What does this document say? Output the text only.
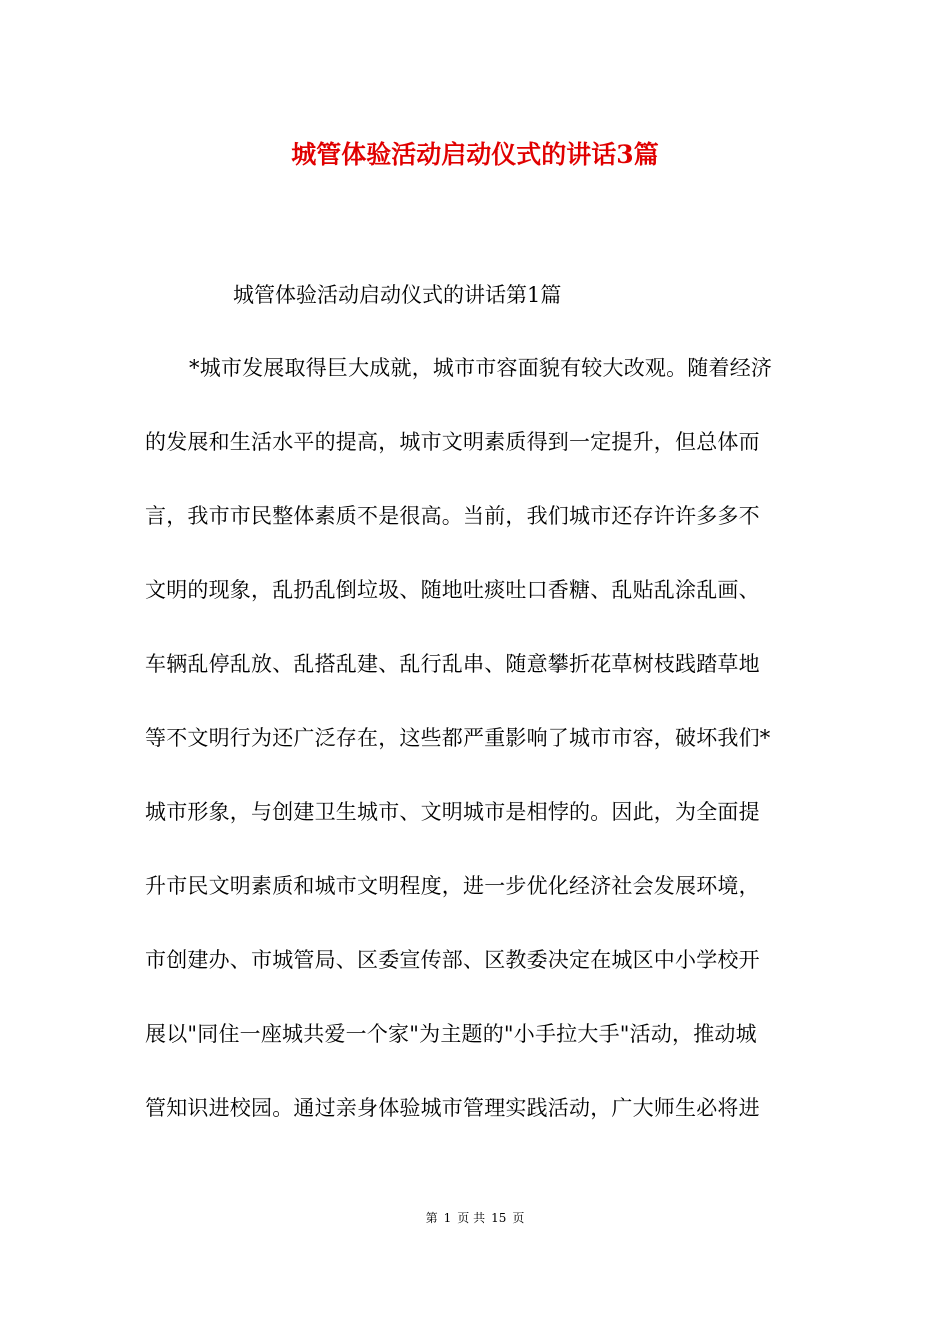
城管体验活动启动仪式的讲话3篇
城管体验活动启动仪式的讲话第1篇
*城市发展取得巨大成就，城市市容面貌有较大改观。随着经济
的发展和生活水平的提高，城市文明素质得到一定提升，但总体而
言，我市市民整体素质不是很高。当前，我们城市还存许许多多不
文明的现象，乱扔乱倒垃圾、随地吐痰吐口香糖、乱贴乱涂乱画、
车辆乱停乱放、乱搭乱建、乱行乱串、随意攀折花草树枝践踏草地
等不文明行为还广泛存在，这些都严重影响了城市市容，破坏我们*
城市形象，与创建卫生城市、文明城市是相悖的。因此，为全面提
升市民文明素质和城市文明程度，进一步优化经济社会发展环境，
市创建办、市城管局、区委宣传部、区教委决定在城区中小学校开
展以"同住一座城共爱一个家"为主题的"小手拉大手"活动，推动城
管知识进校园。通过亲身体验城市管理实践活动，广大师生必将进
第 1 页 共 15 页
